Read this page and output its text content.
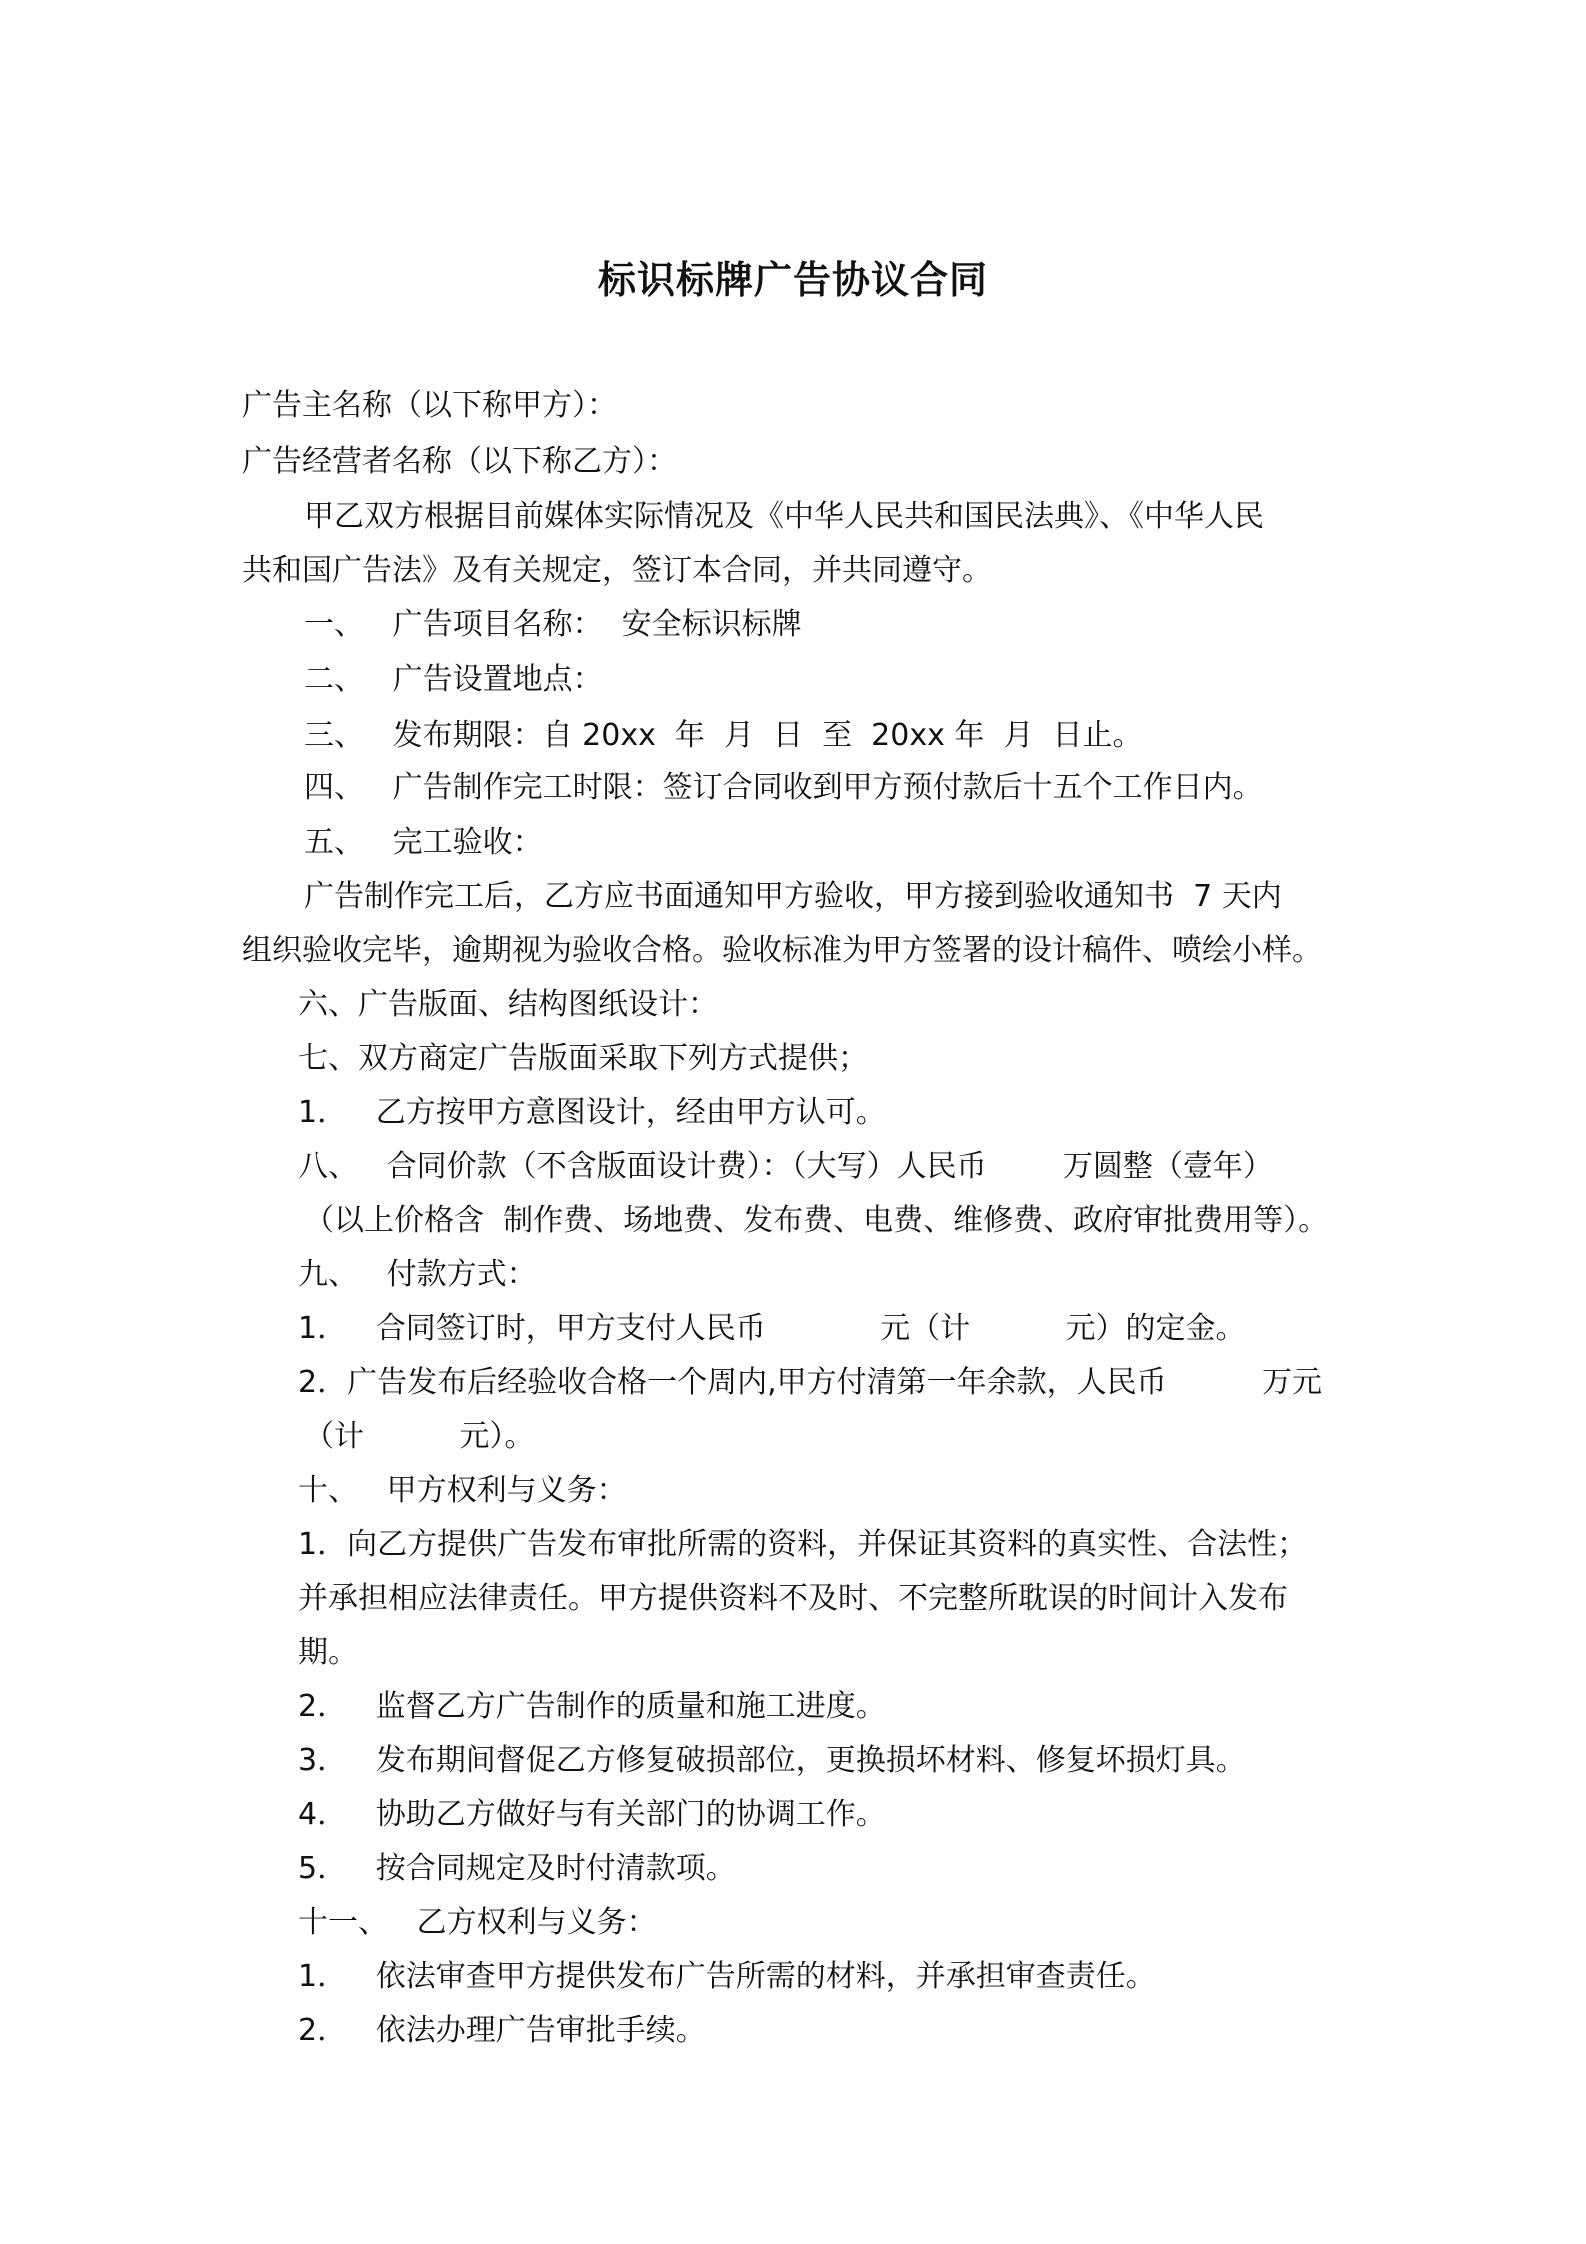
标识标牌广告协议合同
广告主名称（以下称甲方）：
广告经营者名称（以下称乙方）：
甲乙双方根据目前媒体实际情况及《中华人民共和国民法典》、《中华人民
共和国广告法》及有关规定，签订本合同，并共同遵守。
一、   广告项目名称：  安全标识标牌
二、   广告设置地点：
三、   发布期限：自 20xx  年  月  日  至  20xx 年  月  日止。
四、   广告制作完工时限：签订合同收到甲方预付款后十五个工作日内。
五、   完工验收：
广告制作完工后，乙方应书面通知甲方验收，甲方接到验收通知书  7 天内
组织验收完毕，逾期视为验收合格。验收标准为甲方签署的设计稿件、喷绘小样。
六、广告版面、结构图纸设计：
七、双方商定广告版面采取下列方式提供；
1．   乙方按甲方意图设计，经由甲方认可。
八、   合同价款（不含版面设计费）：（大写）人民币        万圆整（壹年）
（以上价格含  制作费、场地费、发布费、电费、维修费、政府审批费用等）。
九、   付款方式：
1．   合同签订时，甲方支付人民币            元（计          元）的定金。
2．广告发布后经验收合格一个周内,甲方付清第一年余款，人民币          万元
（计          元）。
十、   甲方权利与义务：
1．向乙方提供广告发布审批所需的资料，并保证其资料的真实性、合法性；
并承担相应法律责任。甲方提供资料不及时、不完整所耽误的时间计入发布
期。
2．   监督乙方广告制作的质量和施工进度。
3．   发布期间督促乙方修复破损部位，更换损坏材料、修复坏损灯具。
4．   协助乙方做好与有关部门的协调工作。
5．   按合同规定及时付清款项。
十一、   乙方权利与义务：
1．   依法审查甲方提供发布广告所需的材料，并承担审查责任。
2．   依法办理广告审批手续。
